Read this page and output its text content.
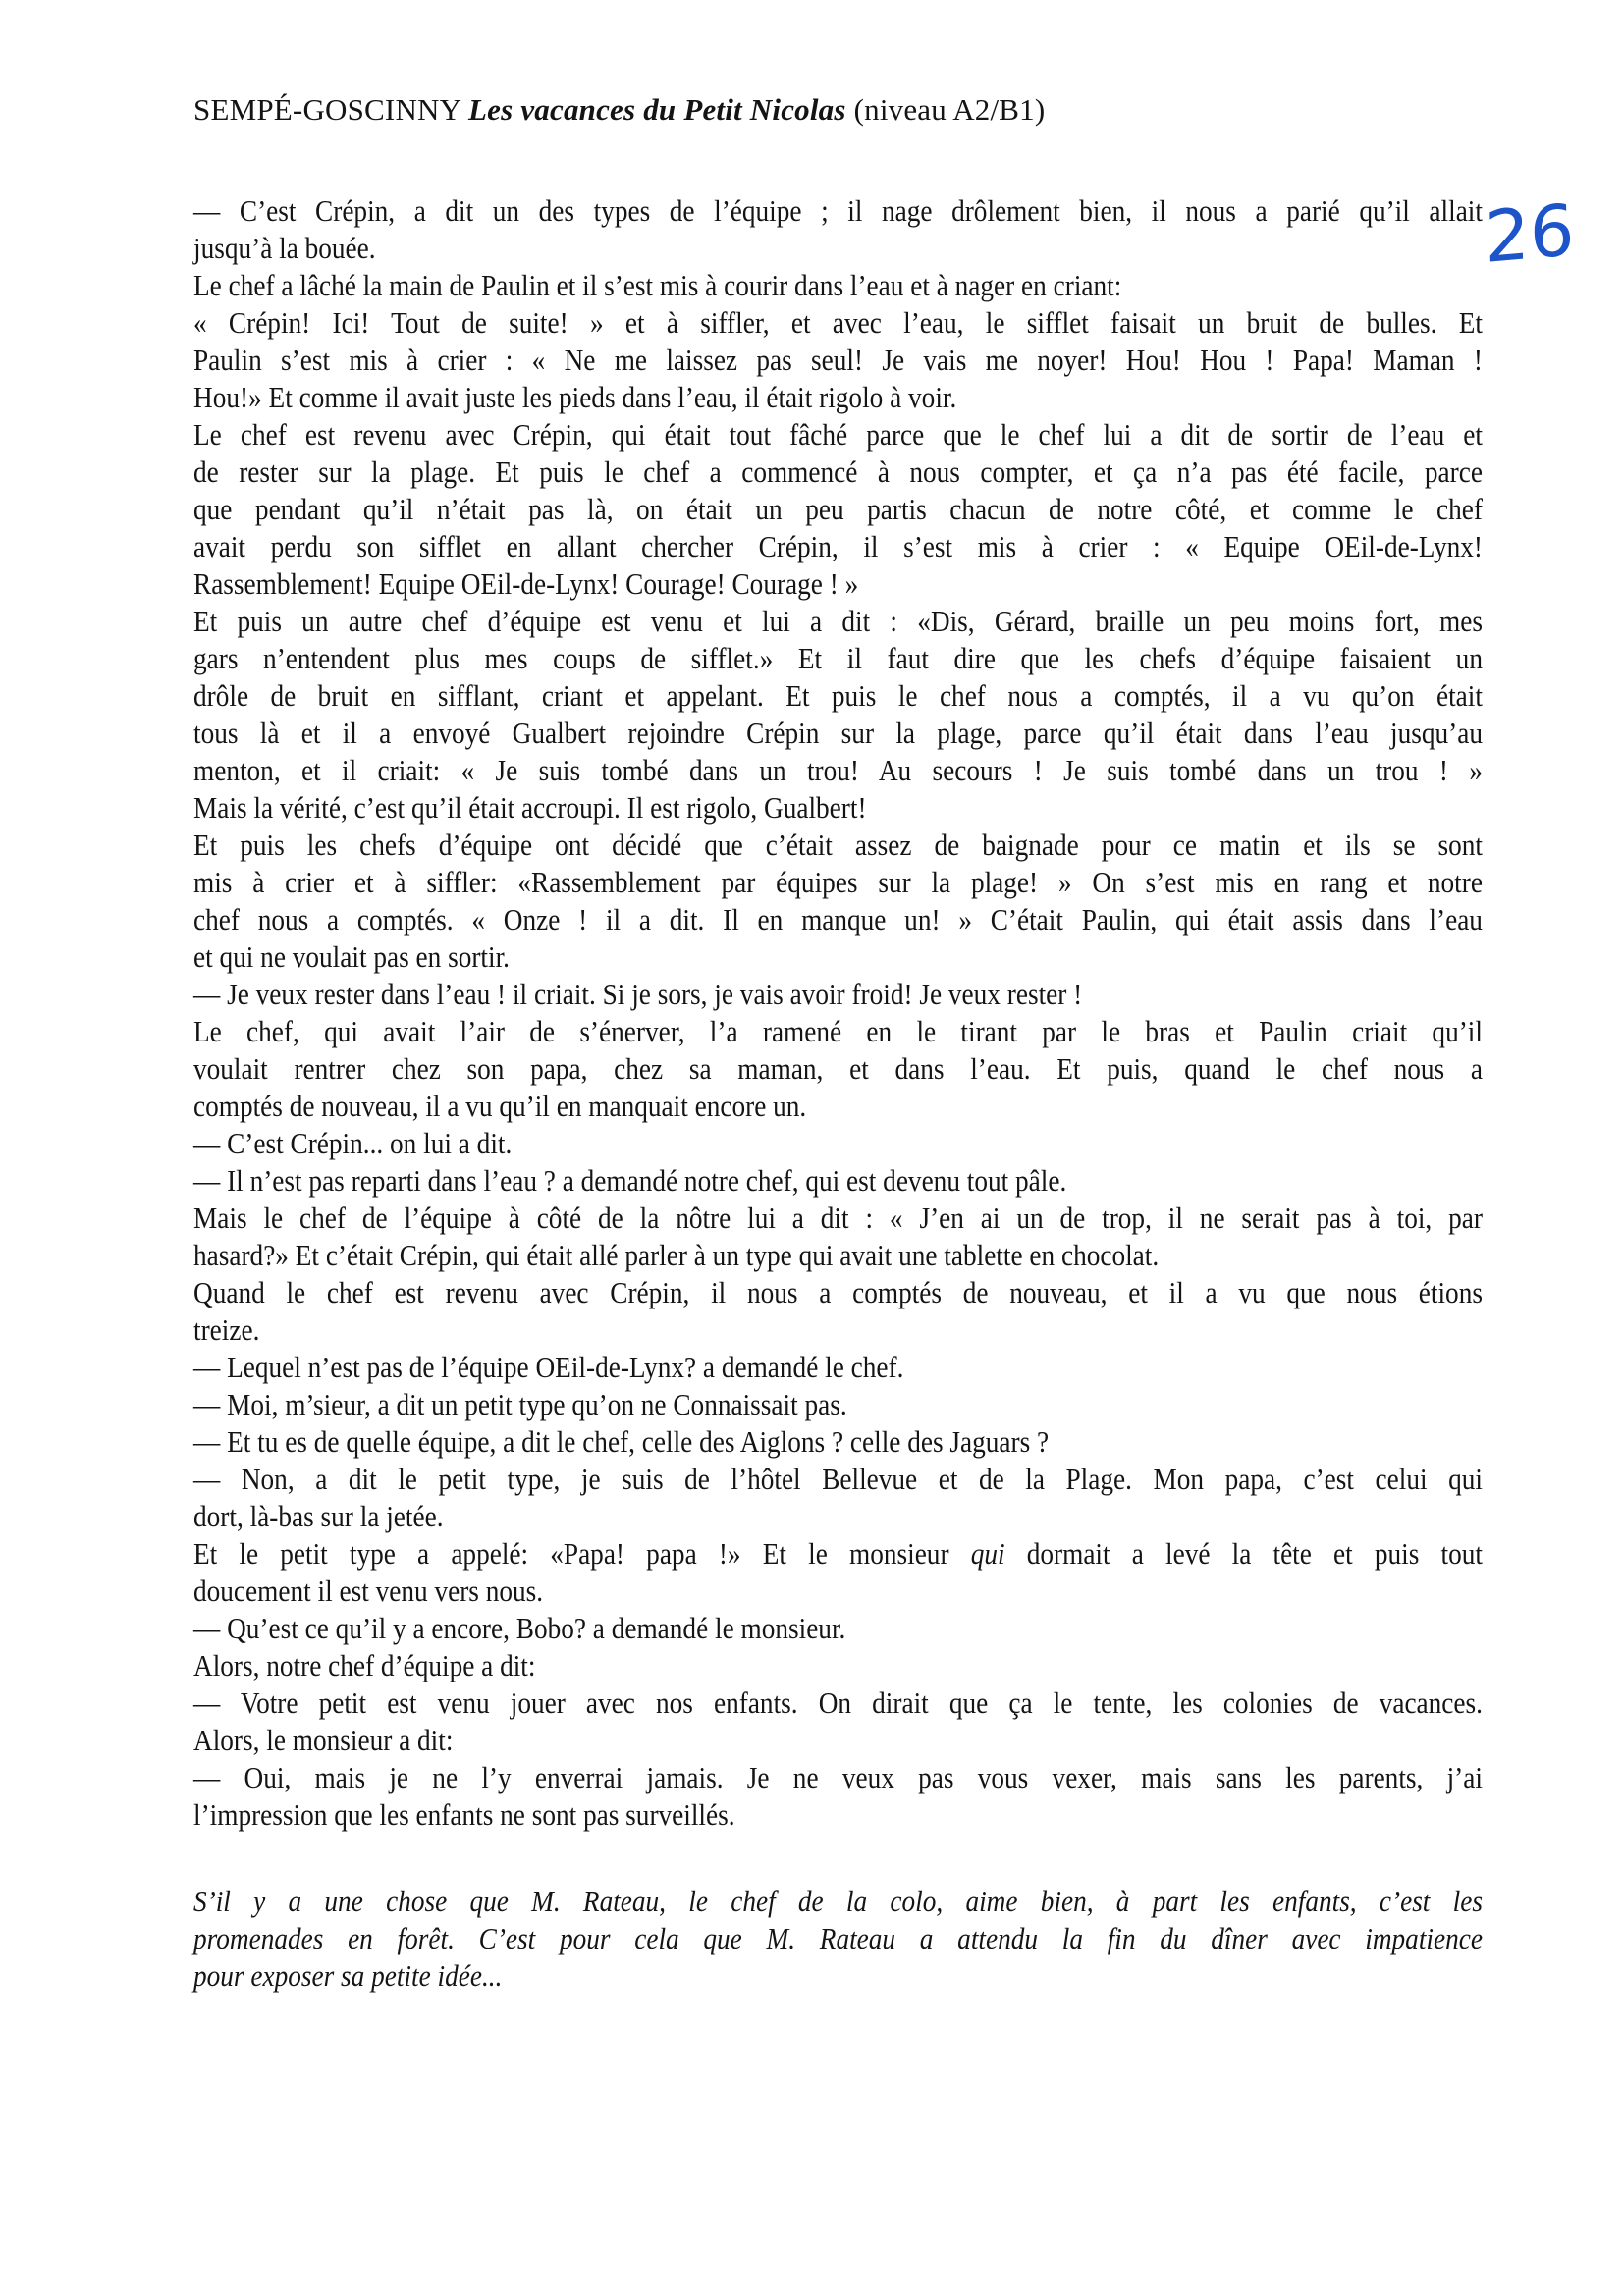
SEMPÉ-GOSCINNY Les vacances du Petit Nicolas (niveau A2/B1)
26
— C’est Crépin, a dit un des types de l’équipe ; il nage drôlement bien, il nous a parié qu’il allait
jusqu’à la bouée.
Le chef a lâché la main de Paulin et il s’est mis à courir dans l’eau et à nager en criant:
« Crépin! Ici! Tout de suite! » et à siffler, et avec l’eau, le sifflet faisait un bruit de bulles. Et
Paulin s’est mis à crier : « Ne me laissez pas seul! Je vais me noyer! Hou! Hou ! Papa! Maman !
Hou!» Et comme il avait juste les pieds dans l’eau, il était rigolo à voir.
Le chef est revenu avec Crépin, qui était tout fâché parce que le chef lui a dit de sortir de l’eau et
de rester sur la plage. Et puis le chef a commencé à nous compter, et ça n’a pas été facile, parce
que pendant qu’il n’était pas là, on était un peu partis chacun de notre côté, et comme le chef
avait perdu son sifflet en allant chercher Crépin, il s’est mis à crier : « Equipe OEil-de-Lynx!
Rassemblement! Equipe OEil-de-Lynx! Courage! Courage ! »
Et puis un autre chef d’équipe est venu et lui a dit : «Dis, Gérard, braille un peu moins fort, mes
gars n’entendent plus mes coups de sifflet.» Et il faut dire que les chefs d’équipe faisaient un
drôle de bruit en sifflant, criant et appelant. Et puis le chef nous a comptés, il a vu qu’on était
tous là et il a envoyé Gualbert rejoindre Crépin sur la plage, parce qu’il était dans l’eau jusqu’au
menton, et il criait: « Je suis tombé dans un trou! Au secours ! Je suis tombé dans un trou ! »
Mais la vérité, c’est qu’il était accroupi. Il est rigolo, Gualbert!
Et puis les chefs d’équipe ont décidé que c’était assez de baignade pour ce matin et ils se sont
mis à crier et à siffler: «Rassemblement par équipes sur la plage! » On s’est mis en rang et notre
chef nous a comptés. « Onze ! il a dit. Il en manque un! » C’était Paulin, qui était assis dans l’eau
et qui ne voulait pas en sortir.
— Je veux rester dans l’eau ! il criait. Si je sors, je vais avoir froid! Je veux rester !
Le chef, qui avait l’air de s’énerver, l’a ramené en le tirant par le bras et Paulin criait qu’il
voulait rentrer chez son papa, chez sa maman, et dans l’eau. Et puis, quand le chef nous a
comptés de nouveau, il a vu qu’il en manquait encore un.
— C’est Crépin... on lui a dit.
— Il n’est pas reparti dans l’eau ? a demandé notre chef, qui est devenu tout pâle.
Mais le chef de l’équipe à côté de la nôtre lui a dit : « J’en ai un de trop, il ne serait pas à toi, par
hasard?» Et c’était Crépin, qui était allé parler à un type qui avait une tablette en chocolat.
Quand le chef est revenu avec Crépin, il nous a comptés de nouveau, et il a vu que nous étions
treize.
— Lequel n’est pas de l’équipe OEil-de-Lynx? a demandé le chef.
— Moi, m’sieur, a dit un petit type qu’on ne Connaissait pas.
— Et tu es de quelle équipe, a dit le chef, celle des Aiglons ? celle des Jaguars ?
— Non, a dit le petit type, je suis de l’hôtel Bellevue et de la Plage. Mon papa, c’est celui qui
dort, là-bas sur la jetée.
Et le petit type a appelé: «Papa! papa !» Et le monsieur qui dormait a levé la tête et puis tout
doucement il est venu vers nous.
— Qu’est ce qu’il y a encore, Bobo? a demandé le monsieur.
Alors, notre chef d’équipe a dit:
— Votre petit est venu jouer avec nos enfants. On dirait que ça le tente, les colonies de vacances.
Alors, le monsieur a dit:
— Oui, mais je ne l’y enverrai jamais. Je ne veux pas vous vexer, mais sans les parents, j’ai
l’impression que les enfants ne sont pas surveillés.
S’il y a une chose que M. Rateau, le chef de la colo, aime bien, à part les enfants, c’est les
promenades en forêt. C’est pour cela que M. Rateau a attendu la fin du dîner avec impatience
pour exposer sa petite idée...
